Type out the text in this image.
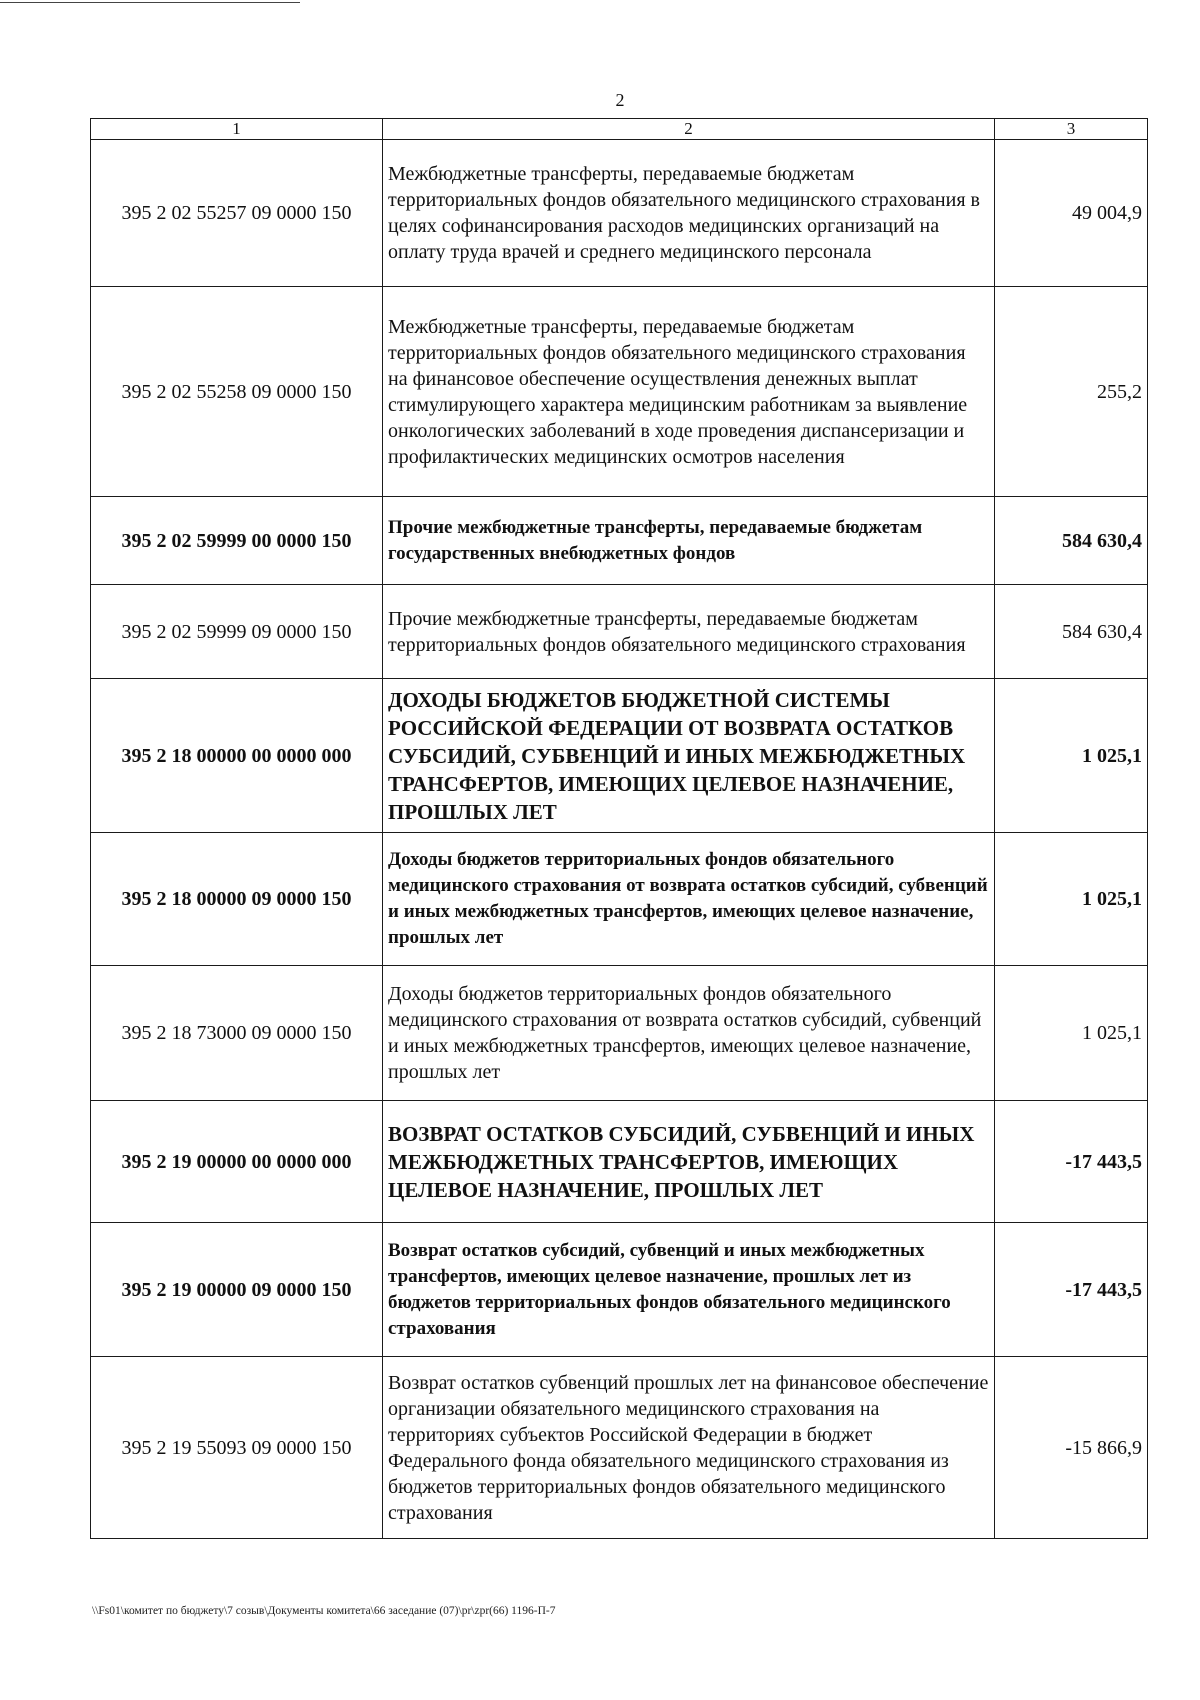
2
1	2	3
395 2 02 55257 09 0000 150	Межбюджетные трансферты, передаваемые бюджетам территориальных фондов обязательного медицинского страхования в целях софинансирования расходов медицинских организаций на оплату труда врачей и среднего медицинского персонала	49 004,9
395 2 02 55258 09 0000 150	Межбюджетные трансферты, передаваемые бюджетам территориальных фондов обязательного медицинского страхования на финансовое обеспечение осуществления денежных выплат стимулирующего характера медицинским работникам за выявление онкологических заболеваний в ходе проведения диспансеризации и профилактических медицинских осмотров населения	255,2
395 2 02 59999 00 0000 150	Прочие межбюджетные трансферты, передаваемые бюджетам государственных внебюджетных фондов	584 630,4
395 2 02 59999 09 0000 150	Прочие межбюджетные трансферты, передаваемые бюджетам территориальных фондов обязательного медицинского страхования	584 630,4
395 2 18 00000 00 0000 000	ДОХОДЫ БЮДЖЕТОВ БЮДЖЕТНОЙ СИСТЕМЫ РОССИЙСКОЙ ФЕДЕРАЦИИ ОТ ВОЗВРАТА ОСТАТКОВ СУБСИДИЙ, СУБВЕНЦИЙ И ИНЫХ МЕЖБЮДЖЕТНЫХ ТРАНСФЕРТОВ, ИМЕЮЩИХ ЦЕЛЕВОЕ НАЗНАЧЕНИЕ, ПРОШЛЫХ ЛЕТ	1 025,1
395 2 18 00000 09 0000 150	Доходы бюджетов территориальных фондов обязательного медицинского страхования от возврата остатков субсидий, субвенций и иных межбюджетных трансфертов, имеющих целевое назначение, прошлых лет	1 025,1
395 2 18 73000 09 0000 150	Доходы бюджетов территориальных фондов обязательного медицинского страхования от возврата остатков субсидий, субвенций и иных межбюджетных трансфертов, имеющих целевое назначение, прошлых лет	1 025,1
395 2 19 00000 00 0000 000	ВОЗВРАТ ОСТАТКОВ СУБСИДИЙ, СУБВЕНЦИЙ И ИНЫХ МЕЖБЮДЖЕТНЫХ ТРАНСФЕРТОВ, ИМЕЮЩИХ ЦЕЛЕВОЕ НАЗНАЧЕНИЕ, ПРОШЛЫХ ЛЕТ	-17 443,5
395 2 19 00000 09 0000 150	Возврат остатков субсидий, субвенций и иных межбюджетных трансфертов, имеющих целевое назначение, прошлых лет из бюджетов территориальных фондов обязательного медицинского страхования	-17 443,5
395 2 19 55093 09 0000 150	Возврат остатков субвенций прошлых лет на финансовое обеспечение организации обязательного медицинского страхования на территориях субъектов Российской Федерации в бюджет Федерального фонда обязательного медицинского страхования из бюджетов территориальных фондов обязательного медицинского страхования	-15 866,9
\\Fs01\комитет по бюджету\7 созыв\Документы комитета\66 заседание (07)\pr\zpr(66) 1196-П-7
